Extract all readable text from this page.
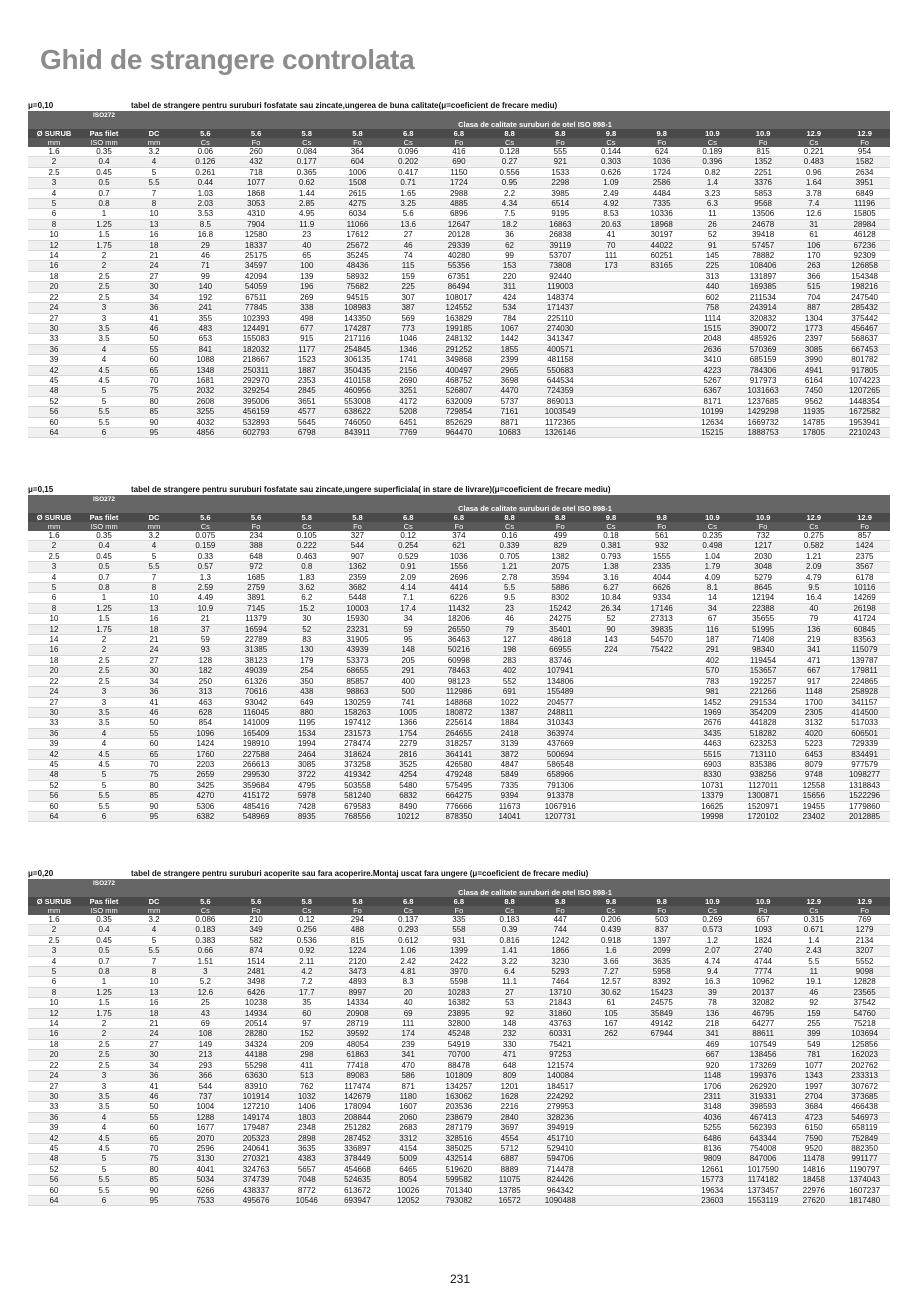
Ghid de strangere controlata
μ=0,10	tabel de strangere pentru suruburi fosfatate sau zincate,ungerea de buna calitate(μ=coeficient de frecare mediu)
	ISO272															
			Clasa de calitate suruburi de otel ISO 898-1													
Ø SURUB	Pas filet	DC	5.6	5.6	5.8	5.8	6.8	6.8	8.8	8.8	9.8	9.8	10.9	10.9	12.9	12.9
mm	ISO mm	mm	Cs	Fo	Cs	Fo	Cs	Fo	Cs	Fo	Cs	Fo	Cs	Fo	Cs	Fo
1.6	0.35	3.2	0.06	260	0.084	364	0.096	416	0.128	555	0.144	624	0.189	815	0.221	954
2	0.4	4	0.126	432	0.177	604	0.202	690	0.27	921	0.303	1036	0.396	1352	0.483	1582
2.5	0.45	5	0.261	718	0.365	1006	0.417	1150	0.556	1533	0.626	1724	0.82	2251	0.96	2634
3	0.5	5.5	0.44	1077	0.62	1508	0.71	1724	0.95	2298	1.09	2586	1.4	3376	1.64	3951
4	0.7	7	1.03	1868	1.44	2615	1.65	2988	2.2	3985	2.49	4484	3.23	5853	3.78	6849
5	0.8	8	2.03	3053	2.85	4275	3.25	4885	4.34	6514	4.92	7335	6.3	9568	7.4	11196
6	1	10	3.53	4310	4.95	6034	5.6	6896	7.5	9195	8.53	10336	11	13506	12.6	15805
8	1.25	13	8.5	7904	11.9	11066	13.6	12647	18.2	16863	20.63	18968	26	24678	31	28984
10	1.5	16	16.8	12580	23	17612	27	20128	36	26838	41	30197	52	39418	61	46128
12	1.75	18	29	18337	40	25672	46	29339	62	39119	70	44022	91	57457	106	67236
14	2	21	46	25175	65	35245	74	40280	99	53707	111	60251	145	78882	170	92309
16	2	24	71	34597	100	48436	115	55356	153	73808	173	83165	225	108406	263	126858
18	2.5	27	99	42094	139	58932	159	67351	220	92440			313	131897	366	154348
20	2.5	30	140	54059	196	75682	225	86494	311	119003			440	169385	515	198216
22	2.5	34	192	67511	269	94515	307	108017	424	148374			602	211534	704	247540
24	3	36	241	77845	338	108983	387	124552	534	171437			758	243914	887	285432
27	3	41	355	102393	498	143350	569	163829	784	225110			1114	320832	1304	375442
30	3.5	46	483	124491	677	174287	773	199185	1067	274030			1515	390072	1773	456467
33	3.5	50	653	155083	915	217116	1046	248132	1442	341347			2048	485926	2397	568637
36	4	55	841	182032	1177	254845	1346	291252	1855	400571			2636	570369	3085	667453
39	4	60	1088	218667	1523	306135	1741	349868	2399	481158			3410	685159	3990	801782
42	4.5	65	1348	250311	1887	350435	2156	400497	2965	550683			4223	784306	4941	917805
45	4.5	70	1681	292970	2353	410158	2690	468752	3698	644534			5267	917973	6164	1074223
48	5	75	2032	329254	2845	460956	3251	526807	4470	724359			6367	1031663	7450	1207265
52	5	80	2608	395006	3651	553008	4172	632009	5737	869013			8171	1237685	9562	1448354
56	5.5	85	3255	456159	4577	638622	5208	729854	7161	1003549			10199	1429298	11935	1672582
60	5.5	90	4032	532893	5645	746050	6451	852629	8871	1172365			12634	1669732	14785	1953941
64	6	95	4856	602793	6798	843911	7769	964470	10683	1326146			15215	1888753	17805	2210243
μ=0,15	tabel de strangere pentru suruburi fosfatate sau zincate,ungere superficiala( in stare de livrare)(μ=coeficient de frecare mediu)
	ISO272															
			Clasa de calitate suruburi de otel ISO 898-1													
Ø SURUB	Pas filet	DC	5.6	5.6	5.8	5.8	6.8	6.8	8.8	8.8	9.8	9.8	10.9	10.9	12.9	12.9
mm	ISO mm	mm	Cs	Fo	Cs	Fo	Cs	Fo	Cs	Fo	Cs	Fo	Cs	Fo	Cs	Fo
1.6	0.35	3.2	0.075	234	0.105	327	0.12	374	0.16	499	0.18	561	0.235	732	0.275	857
2	0.4	4	0.159	388	0.222	544	0.254	621	0.339	829	0.381	932	0.498	1217	0.582	1424
2.5	0.45	5	0.33	648	0.463	907	0.529	1036	0.705	1382	0.793	1555	1.04	2030	1.21	2375
3	0.5	5.5	0.57	972	0.8	1362	0.91	1556	1.21	2075	1.38	2335	1.79	3048	2.09	3567
4	0.7	7	1.3	1685	1.83	2359	2.09	2696	2.78	3594	3.16	4044	4.09	5279	4.79	6178
5	0.8	8	2.59	2759	3.62	3682	4.14	4414	5.5	5886	6.27	6626	8.1	8645	9.5	10116
6	1	10	4.49	3891	6.2	5448	7.1	6226	9.5	8302	10.84	9334	14	12194	16.4	14269
8	1.25	13	10.9	7145	15.2	10003	17.4	11432	23	15242	26.34	17146	34	22388	40	26198
10	1.5	16	21	11379	30	15930	34	18206	46	24275	52	27313	67	35655	79	41724
12	1.75	18	37	16594	52	23231	59	26550	79	35401	90	39835	116	51995	136	60845
14	2	21	59	22789	83	31905	95	36463	127	48618	143	54570	187	71408	219	83563
16	2	24	93	31385	130	43939	148	50216	198	66955	224	75422	291	98340	341	115079
18	2.5	27	128	38123	179	53373	205	60998	283	83746			402	119454	471	139787
20	2.5	30	182	49039	254	68655	291	78463	402	107941			570	153657	667	179811
22	2.5	34	250	61326	350	85857	400	98123	552	134806			783	192257	917	224865
24	3	36	313	70616	438	98863	500	112986	691	155489			981	221266	1148	258928
27	3	41	463	93042	649	130259	741	148868	1022	204577			1452	291534	1700	341157
30	3.5	46	628	116045	880	158263	1005	180872	1387	248811			1969	354209	2305	414500
33	3.5	50	854	141009	1195	197412	1366	225614	1884	310343			2676	441828	3132	517033
36	4	55	1096	165409	1534	231573	1754	264655	2418	363974			3435	518282	4020	606501
39	4	60	1424	198910	1994	278474	2279	318257	3139	437669			4463	623253	5223	729339
42	4.5	65	1760	227588	2464	318624	2816	364141	3872	500694			5515	713110	6453	834491
45	4.5	70	2203	266613	3085	373258	3525	426580	4847	586548			6903	835386	8079	977579
48	5	75	2659	299530	3722	419342	4254	479248	5849	658966			8330	938256	9748	1098277
52	5	80	3425	359684	4795	503558	5480	575495	7335	791306			10731	1127011	12558	1318843
56	5.5	85	4270	415172	5978	581240	6832	664275	9394	913378			13379	1300871	15656	1522296
60	5.5	90	5306	485416	7428	679583	8490	776666	11673	1067916			16625	1520971	19455	1779860
64	6	95	6382	548969	8935	768556	10212	878350	14041	1207731			19998	1720102	23402	2012885
μ=0,20	tabel de strangere pentru suruburi acoperite sau fara acoperire.Montaj uscat fara ungere (μ=coeficient de frecare mediu)
	ISO272															
			Clasa de calitate suruburi de otel ISO 898-1													
Ø SURUB	Pas filet	DC	5.6	5.6	5.8	5.8	6.8	6.8	8.8	8.8	9.8	9.8	10.9	10.9	12.9	12.9
mm	ISO mm	mm	Cs	Fo	Cs	Fo	Cs	Fo	Cs	Fo	Cs	Fo	Cs	Fo	Cs	Fo
1.6	0.35	3.2	0.086	210	0.12	294	0.137	335	0.183	447	0.206	503	0.269	657	0.315	769
2	0.4	4	0.183	349	0.256	488	0.293	558	0.39	744	0.439	837	0.573	1093	0.671	1279
2.5	0.45	5	0.383	582	0.536	815	0.612	931	0.816	1242	0.918	1397	1.2	1824	1.4	2134
3	0.5	5.5	0.66	874	0.92	1224	1.06	1399	1.41	1866	1.6	2099	2.07	2740	2.43	3207
4	0.7	7	1.51	1514	2.11	2120	2.42	2422	3.22	3230	3.66	3635	4.74	4744	5.5	5552
5	0.8	8	3	2481	4.2	3473	4.81	3970	6.4	5293	7.27	5958	9.4	7774	11	9098
6	1	10	5.2	3498	7.2	4893	8.3	5598	11.1	7464	12.57	8392	16.3	10962	19.1	12828
8	1.25	13	12.6	6426	17.7	8997	20	10283	27	13710	30.62	15423	39	20137	46	23565
10	1.5	16	25	10238	35	14334	40	16382	53	21843	61	24575	78	32082	92	37542
12	1.75	18	43	14934	60	20908	69	23895	92	31860	105	35849	136	46795	159	54760
14	2	21	69	20514	97	28719	111	32800	148	43763	167	49142	218	64277	255	75218
16	2	24	108	28280	152	39592	174	45248	232	60331	262	67944	341	88611	399	103694
18	2.5	27	149	34324	209	48054	239	54919	330	75421			469	107549	549	125856
20	2.5	30	213	44188	298	61863	341	70700	471	97253			667	138456	781	162023
22	2.5	34	293	55298	411	77418	470	88478	648	121574			920	173269	1077	202762
24	3	36	366	63630	513	89083	586	101809	809	140084			1148	199376	1343	233313
27	3	41	544	83910	762	117474	871	134257	1201	184517			1706	262920	1997	307672
30	3.5	46	737	101914	1032	142679	1180	163062	1628	224292			2311	319331	2704	373685
33	3.5	50	1004	127210	1406	178094	1607	203536	2216	279953			3148	398593	3684	466438
36	4	55	1288	149174	1803	208844	2060	238679	2840	328236			4036	467413	4723	546973
39	4	60	1677	179487	2348	251282	2683	287179	3697	394919			5255	562393	6150	658119
42	4.5	65	2070	205323	2898	287452	3312	328516	4554	451710			6486	643344	7590	752849
45	4.5	70	2596	240641	3635	336897	4154	385025	5712	529410			8136	754008	9520	882350
48	5	75	3130	270321	4383	378449	5009	432514	6887	594706			9809	847006	11478	991177
52	5	80	4041	324763	5657	454668	6465	519620	8889	714478			12661	1017590	14816	1190797
56	5.5	85	5034	374739	7048	524635	8054	599582	11075	824426			15773	1174182	18458	1374043
60	5.5	90	6266	438337	8772	613672	10026	701340	13785	964342			19634	1373457	22976	1607237
64	6	95	7533	495676	10546	693947	12052	793082	16572	1090488			23603	1553119	27620	1817480
231
